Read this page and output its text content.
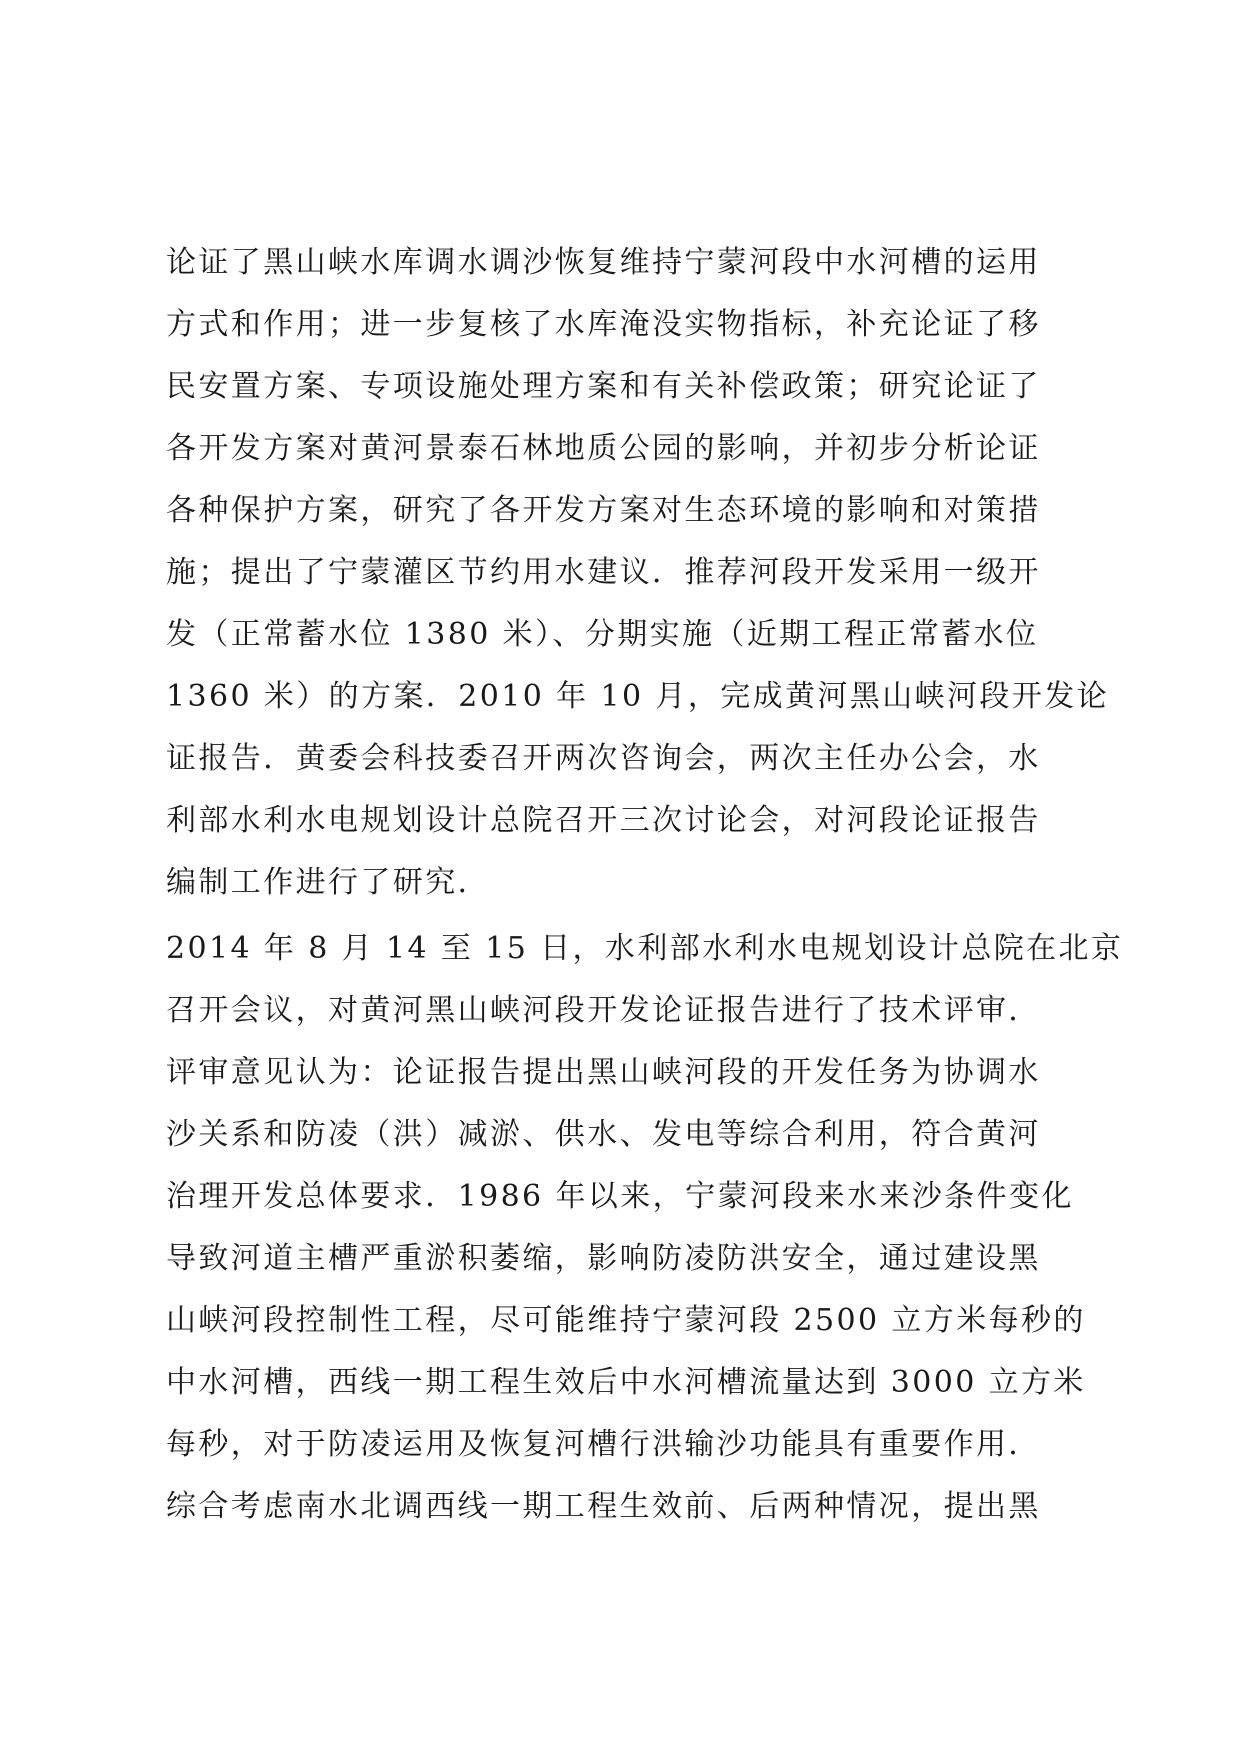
论证了黑山峡水库调水调沙恢复维持宁蒙河段中水河槽的运用
方式和作用；进一步复核了水库淹没实物指标，补充论证了移
民安置方案、专项设施处理方案和有关补偿政策；研究论证了
各开发方案对黄河景泰石林地质公园的影响，并初步分析论证
各种保护方案，研究了各开发方案对生态环境的影响和对策措
施；提出了宁蒙灌区节约用水建议．推荐河段开发采用一级开
发（正常蓄水位 1380 米）、分期实施（近期工程正常蓄水位
1360 米）的方案．2010 年 10 月，完成黄河黑山峡河段开发论
证报告．黄委会科技委召开两次咨询会，两次主任办公会，水
利部水利水电规划设计总院召开三次讨论会，对河段论证报告
编制工作进行了研究．
2014 年 8 月 14 至 15 日，水利部水利水电规划设计总院在北京
召开会议，对黄河黑山峡河段开发论证报告进行了技术评审．
评审意见认为：论证报告提出黑山峡河段的开发任务为协调水
沙关系和防凌（洪）减淤、供水、发电等综合利用，符合黄河
治理开发总体要求．1986 年以来，宁蒙河段来水来沙条件变化
导致河道主槽严重淤积萎缩，影响防凌防洪安全，通过建设黑
山峡河段控制性工程，尽可能维持宁蒙河段 2500 立方米每秒的
中水河槽，西线一期工程生效后中水河槽流量达到 3000 立方米
每秒，对于防凌运用及恢复河槽行洪输沙功能具有重要作用．
综合考虑南水北调西线一期工程生效前、后两种情况，提出黑
